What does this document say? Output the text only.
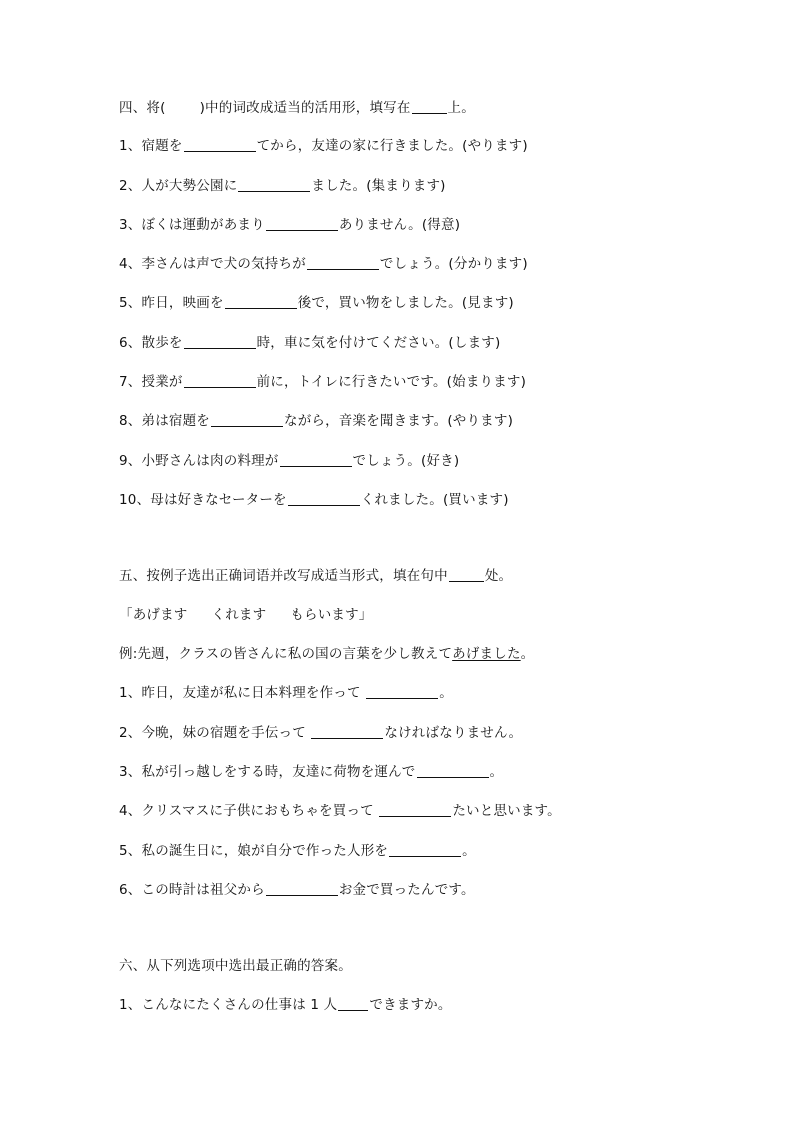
四、将(	)中的词改成适当的活用形，填写在	上。
1、宿題を	てから，友達の家に行きました。(やります)
2、人が大勢公園に	ました。(集まります)
3、ぼくは運動があまり	ありません。(得意)
4、李さんは声で犬の気持ちが	でしょう。(分かります)
5、昨日，映画を	後で，買い物をしました。(見ます)
6、散歩を	時，車に気を付けてください。(します)
7、授業が	前に，トイレに行きたいです。(始まります)
8、弟は宿題を	ながら，音楽を聞きます。(やります)
9、小野さんは肉の料理が	でしょう。(好き)
10、母は好きなセーターを	くれました。(買います)
五、按例子选出正确词语并改写成适当形式，填在句中	处。
「あげます くれます もらいます」
例:先週，クラスの皆さんに私の国の言葉を少し教えてあげました。
1、昨日，友達が私に日本料理を作って	。
2、今晩，妹の宿題を手伝って	なければなりません。
3、私が引っ越しをする時，友達に荷物を運んで	。
4、クリスマスに子供におもちゃを買って	たいと思います。
5、私の誕生日に，娘が自分で作った人形を	。
6、この時計は祖父から	お金で買ったんです。
六、从下列选项中选出最正确的答案。
1、こんなにたくさんの仕事は 1 人 できますか。
